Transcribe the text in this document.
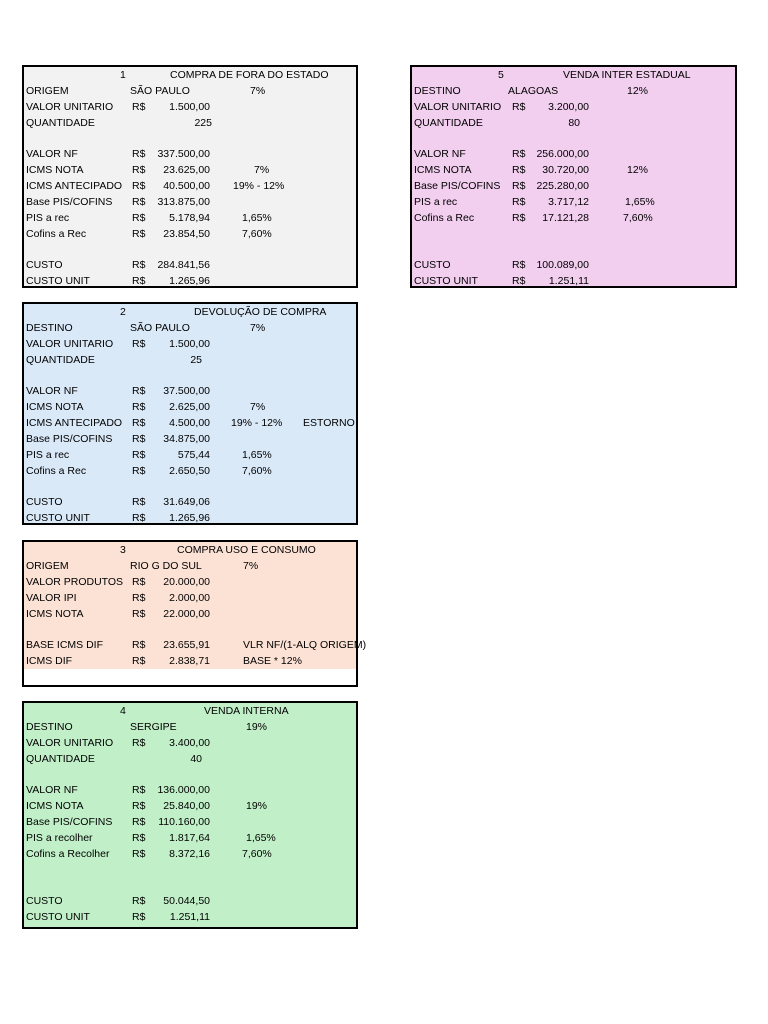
1	COMPRA DE FORA DO ESTADO
ORIGEM	SÃO PAULO	7%
VALOR UNITARIO R$ 1.500,00
QUANTIDADE	225
VALOR NF	R$ 337.500,00
ICMS NOTA	R$ 23.625,00	7%
ICMS ANTECIPADO R$ 40.500,00 19% - 12%
Base PIS/COFINS R$ 313.875,00
PIS a rec	R$ 5.178,94	1,65%
Cofins a Rec	R$ 23.854,50	7,60%
CUSTO	R$ 284.841,56
CUSTO UNIT	R$ 1.265,96
2	DEVOLUÇÃO DE COMPRA
DESTINO	SÃO PAULO	7%
VALOR UNITARIO R$ 1.500,00
QUANTIDADE	25
VALOR NF	R$ 37.500,00
ICMS NOTA	R$ 2.625,00	7%
ICMS ANTECIPADO R$ 4.500,00 19% - 12% ESTORNO
Base PIS/COFINS R$ 34.875,00
PIS a rec	R$	575,44	1,65%
Cofins a Rec	R$ 2.650,50	7,60%
CUSTO	R$ 31.649,06
CUSTO UNIT	R$ 1.265,96
3	COMPRA USO E CONSUMO
ORIGEM	RIO G DO SUL	7%
VALOR PRODUTOS R$ 20.000,00
VALOR IPI	R$ 2.000,00
ICMS NOTA	R$ 22.000,00
BASE ICMS DIF	R$ 23.655,91	VLR NF/(1-ALQ ORIGEM)
ICMS DIF	R$ 2.838,71	BASE * 12%
4	VENDA INTERNA
DESTINO	SERGIPE	19%
VALOR UNITARIO R$ 3.400,00
QUANTIDADE	40
VALOR NF	R$ 136.000,00
ICMS NOTA	R$ 25.840,00	19%
Base PIS/COFINS R$ 110.160,00
PIS a recolher	R$ 1.817,64	1,65%
Cofins a Recolher R$ 8.372,16	7,60%
CUSTO	R$ 50.044,50
CUSTO UNIT	R$ 1.251,11
5	VENDA INTER ESTADUAL
DESTINO	ALAGOAS	12%
VALOR UNITARIO R$ 3.200,00
QUANTIDADE	80
VALOR NF	R$ 256.000,00
ICMS NOTA	R$ 30.720,00	12%
Base PIS/COFINS R$ 225.280,00
PIS a rec	R$ 3.717,12	1,65%
Cofins a Rec	R$ 17.121,28	7,60%
CUSTO	R$ 100.089,00
CUSTO UNIT	R$ 1.251,11
